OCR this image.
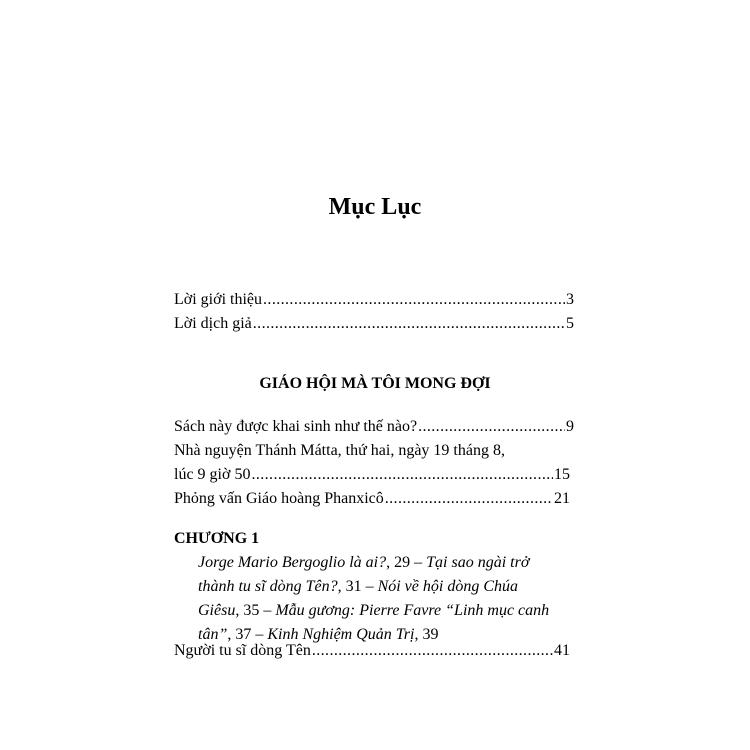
Mục Lục
Lời giới thiệu .....	3
Lời dịch giả .....	5
GIÁO HỘI MÀ TÔI MONG ĐỢI
Sách này được khai sinh như thế nào? .....	9
Nhà nguyện Thánh Mátta, thứ hai, ngày 19 tháng 8,
lúc 9 giờ 50 .....	15
Phỏng vấn Giáo hoàng Phanxicô .....	21
CHƯƠNG 1
Jorge Mario Bergoglio là ai?, 29 – Tại sao ngài trở
thành tu sĩ dòng Tên?, 31 – Nói về hội dòng Chúa
Giêsu, 35 – Mẫu gương: Pierre Favre “Linh mục canh
tân”, 37 – Kinh Nghiệm Quản Trị, 39
Người tu sĩ dòng Tên .....	41
